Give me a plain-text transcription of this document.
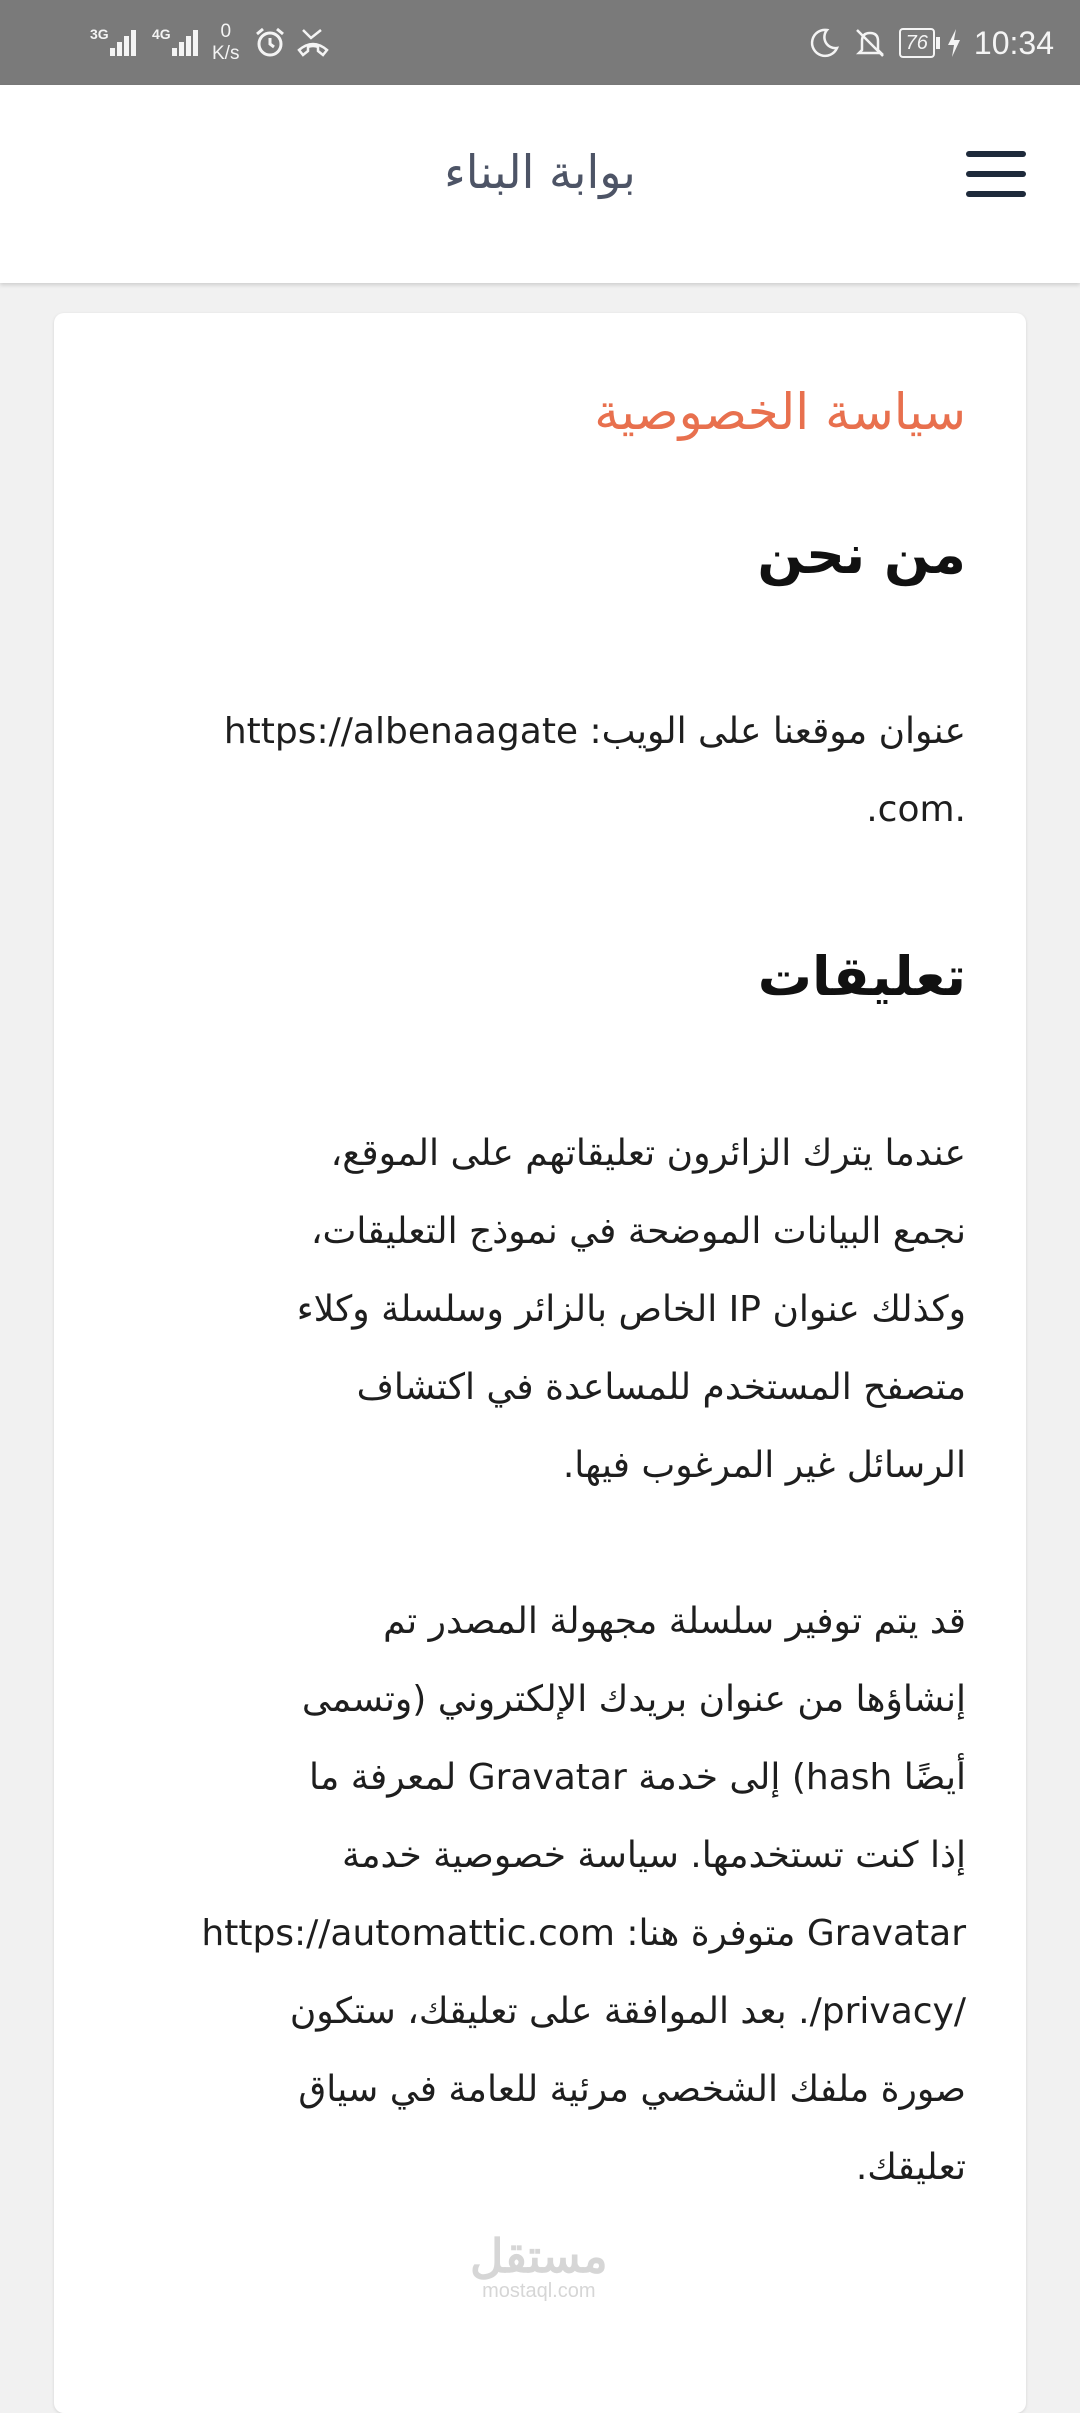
3G	4G	0
K/s	76 10:34
بوابة البناء
سياسة الخصوصية
من نحن
عنوان موقعنا على الويب: https://albenaagate
.com.
تعليقات
عندما يترك الزائرون تعليقاتهم على الموقع،
نجمع البيانات الموضحة في نموذج التعليقات،
وكذلك عنوان IP الخاص بالزائر وسلسلة وكلاء
متصفح المستخدم للمساعدة في اكتشاف
الرسائل غير المرغوب فيها.
قد يتم توفير سلسلة مجهولة المصدر تم
إنشاؤها من عنوان بريدك الإلكتروني (وتسمى
أيضًا hash) إلى خدمة Gravatar لمعرفة ما
إذا كنت تستخدمها. سياسة خصوصية خدمة
Gravatar متوفرة هنا: https://automattic.com
/privacy/. بعد الموافقة على تعليقك، ستكون
صورة ملفك الشخصي مرئية للعامة في سياق
تعليقك.
مستقل
mostaql.com
